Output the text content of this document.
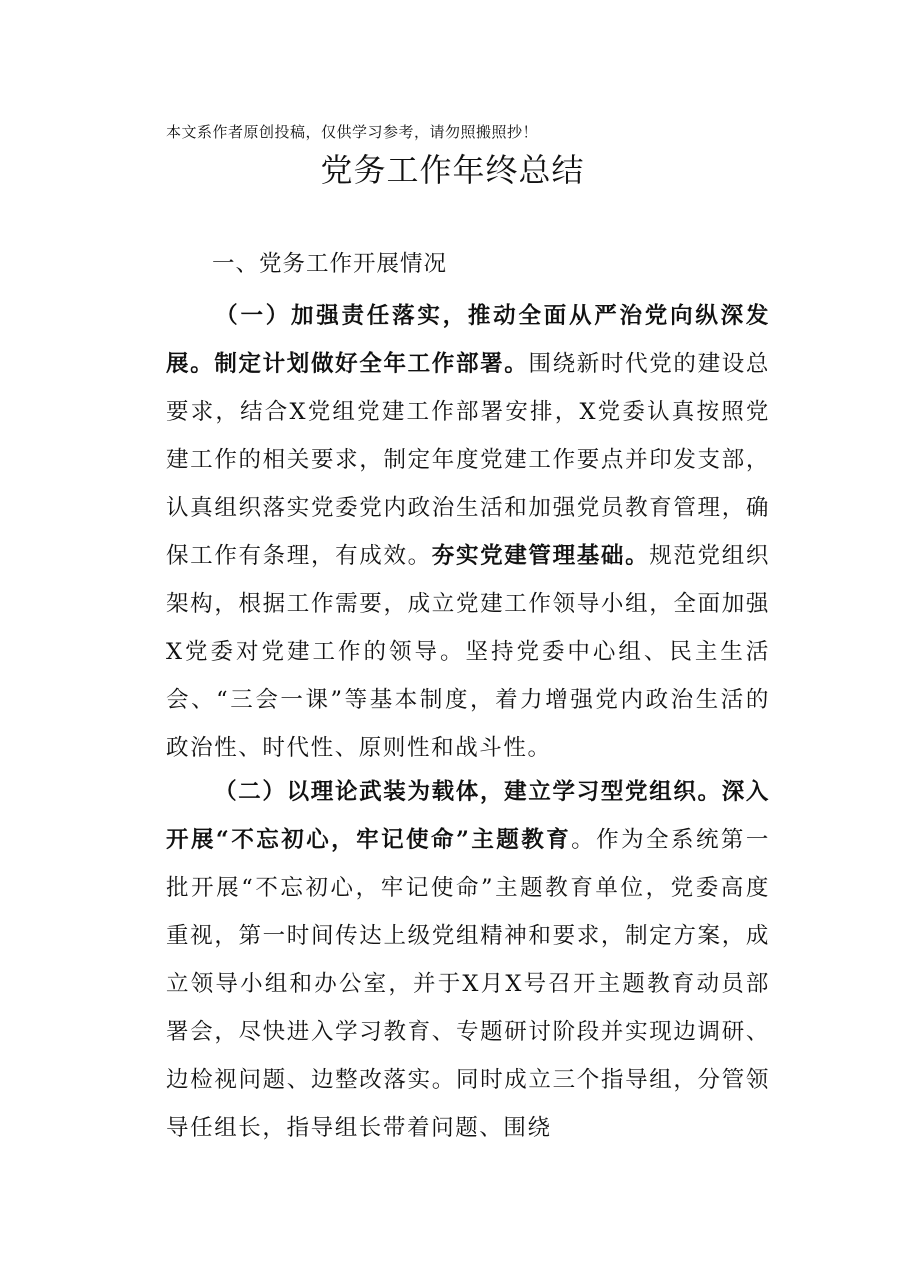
本文系作者原创投稿，仅供学习参考，请勿照搬照抄！
党务工作年终总结
一、党务工作开展情况
（一）加强责任落实，推动全面从严治党向纵深发展。制定计划做好全年工作部署。围绕新时代党的建设总要求，结合X党组党建工作部署安排，X党委认真按照党建工作的相关要求，制定年度党建工作要点并印发支部，认真组织落实党委党内政治生活和加强党员教育管理，确保工作有条理，有成效。夯实党建管理基础。规范党组织架构，根据工作需要，成立党建工作领导小组，全面加强X党委对党建工作的领导。坚持党委中心组、民主生活会、“三会一课”等基本制度，着力增强党内政治生活的政治性、时代性、原则性和战斗性。
（二）以理论武装为载体，建立学习型党组织。深入开展“不忘初心，牢记使命”主题教育。作为全系统第一批开展“不忘初心，牢记使命”主题教育单位，党委高度重视，第一时间传达上级党组精神和要求，制定方案，成立领导小组和办公室，并于X月X号召开主题教育动员部署会，尽快进入学习教育、专题研讨阶段并实现边调研、边检视问题、边整改落实。同时成立三个指导组，分管领导任组长，指导组长带着问题、围绕
